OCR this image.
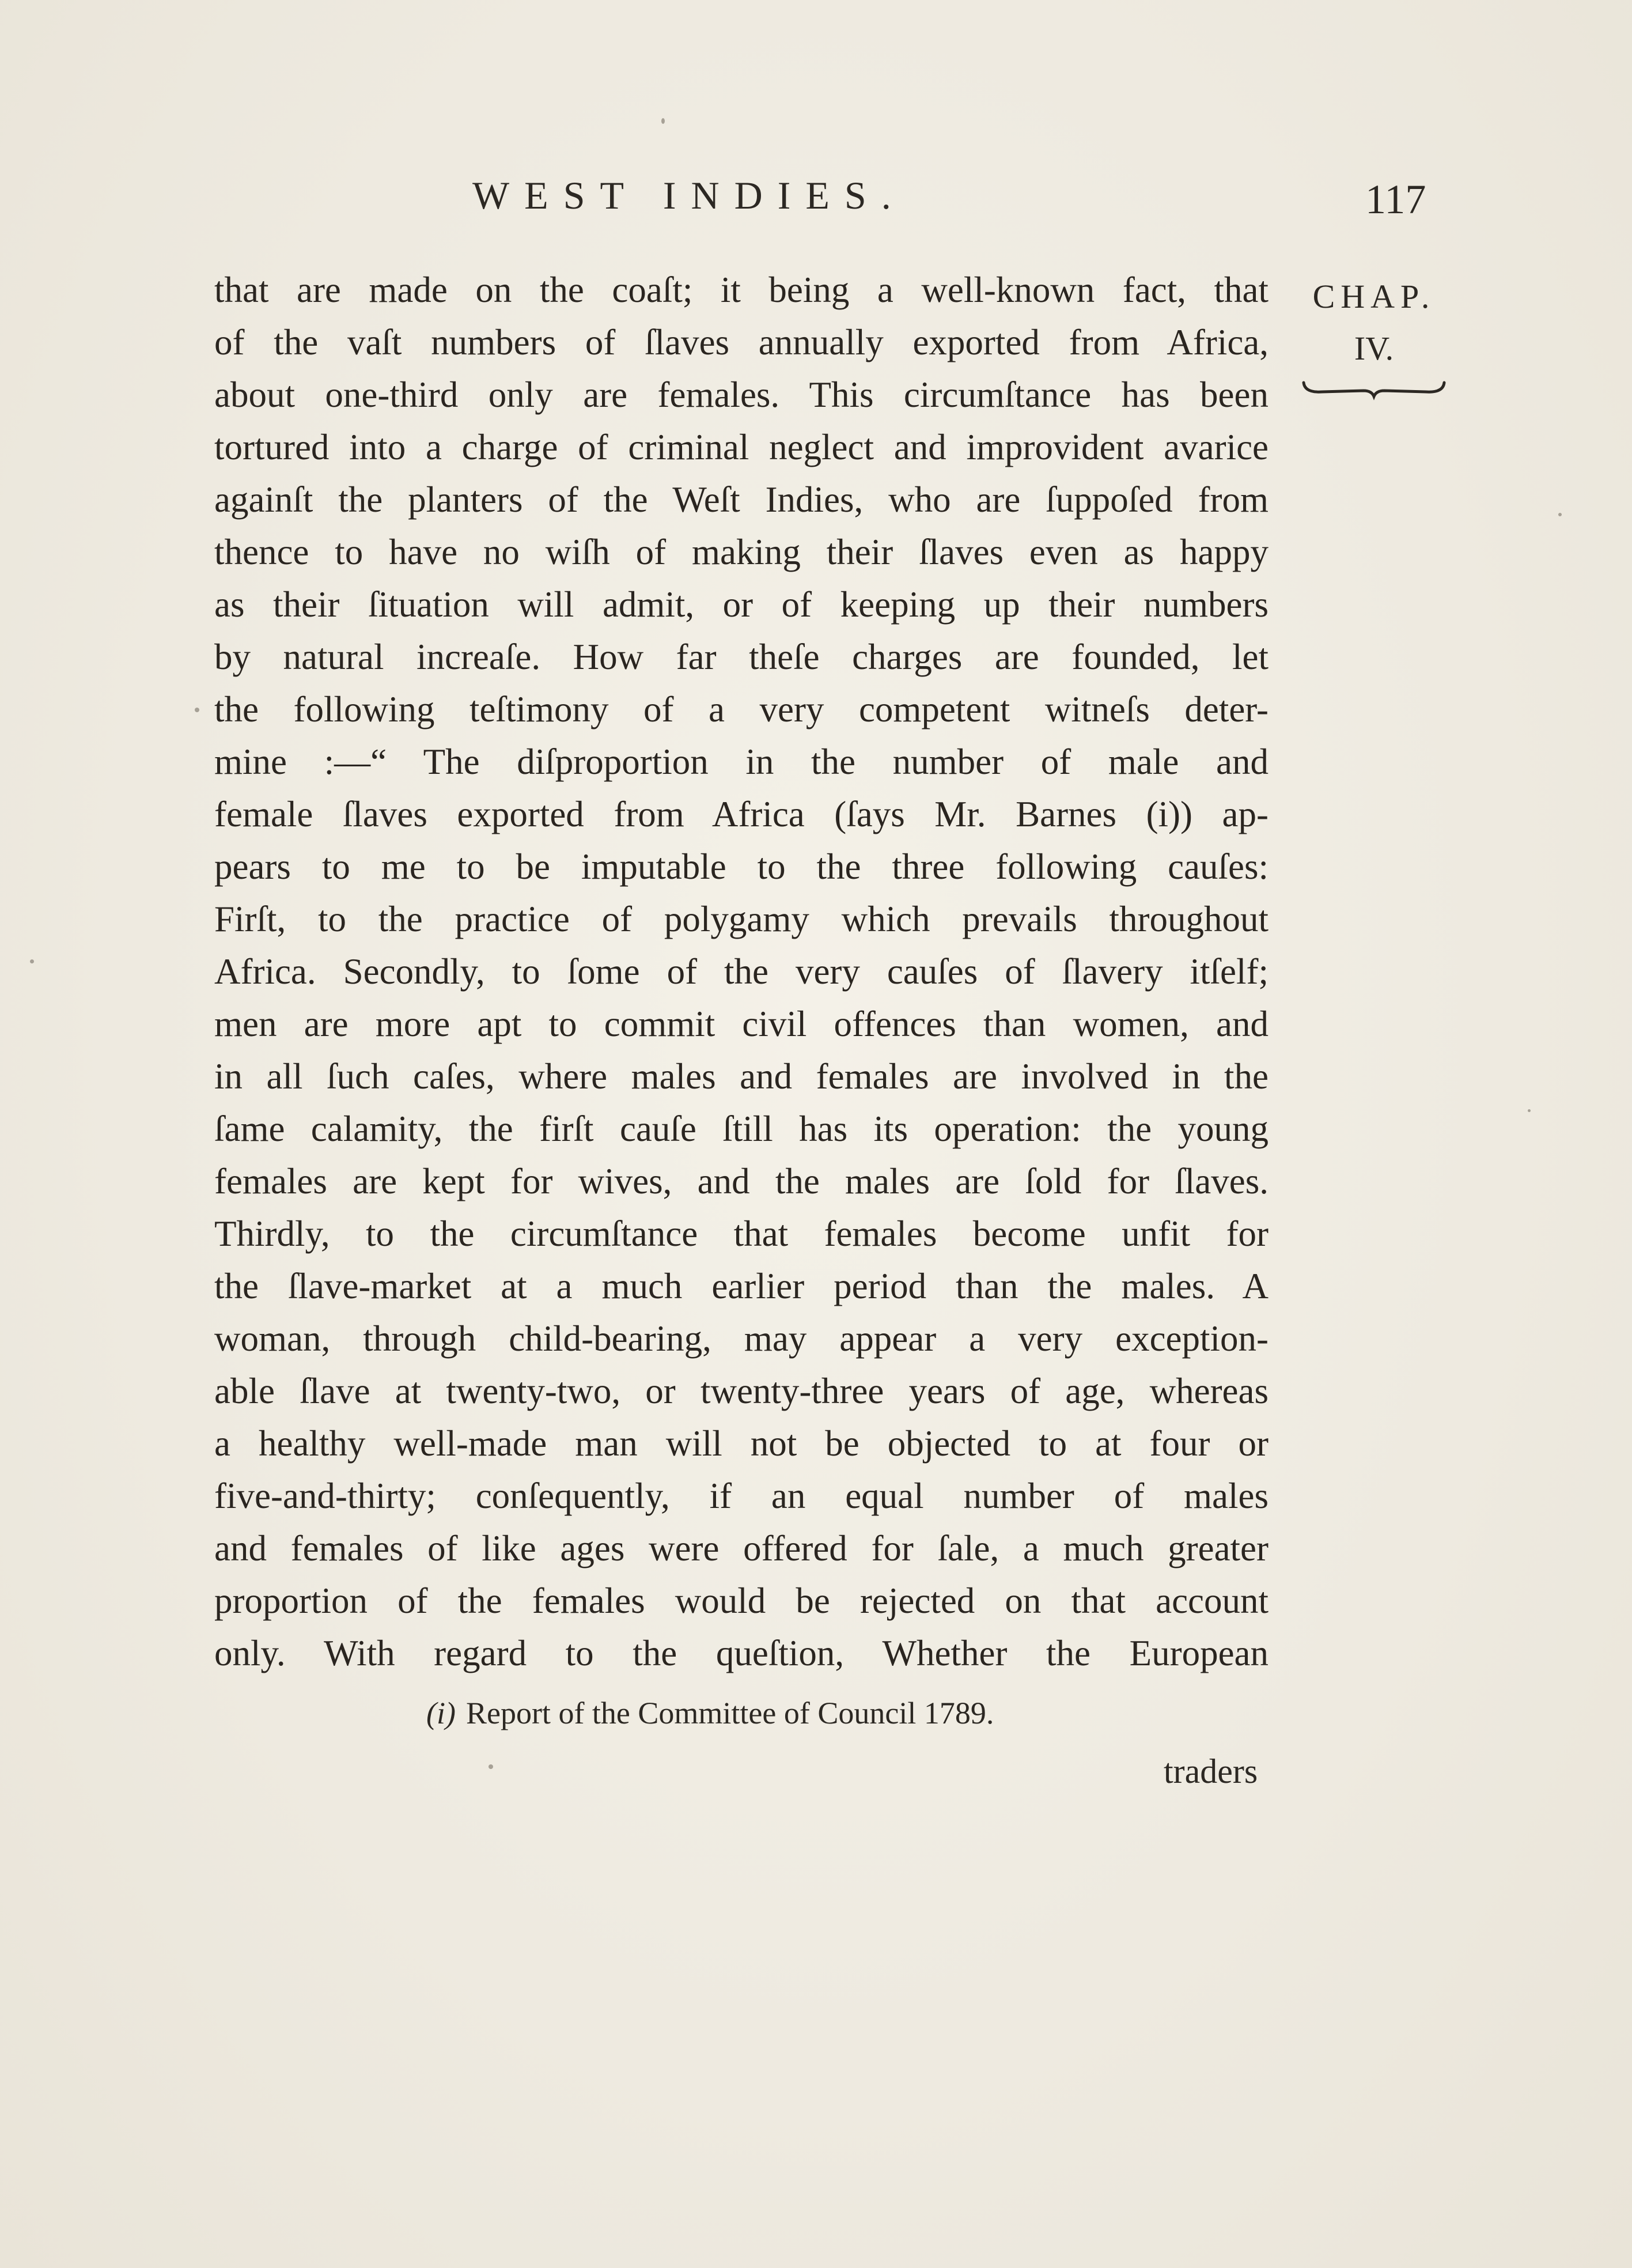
WEST INDIES.	117
CHAP.
IV.
that are made on the coaſt; it being a well-known fact, that
of the vaſt numbers of ſlaves annually exported from Africa,
about one-third only are females. This circumſtance has been
tortured into a charge of criminal neglect and improvident avarice
againſt the planters of the Weſt Indies, who are ſuppoſed from
thence to have no wiſh of making their ſlaves even as happy
as their ſituation will admit, or of keeping up their numbers
by natural increaſe. How far theſe charges are founded, let
the following teſtimony of a very competent witneſs deter-
mine :—“ The diſproportion in the number of male and
female ſlaves exported from Africa (ſays Mr. Barnes (i)) ap-
pears to me to be imputable to the three following cauſes:
Firſt, to the practice of polygamy which prevails throughout
Africa. Secondly, to ſome of the very cauſes of ſlavery itſelf;
men are more apt to commit civil offences than women, and
in all ſuch caſes, where males and females are involved in the
ſame calamity, the firſt cauſe ſtill has its operation: the young
females are kept for wives, and the males are ſold for ſlaves.
Thirdly, to the circumſtance that females become unfit for
the ſlave-market at a much earlier period than the males. A
woman, through child-bearing, may appear a very exception-
able ſlave at twenty-two, or twenty-three years of age, whereas
a healthy well-made man will not be objected to at four or
five-and-thirty; conſequently, if an equal number of males
and females of like ages were offered for ſale, a much greater
proportion of the females would be rejected on that account
only. With regard to the queſtion, Whether the European
(i) Report of the Committee of Council 1789.
traders
